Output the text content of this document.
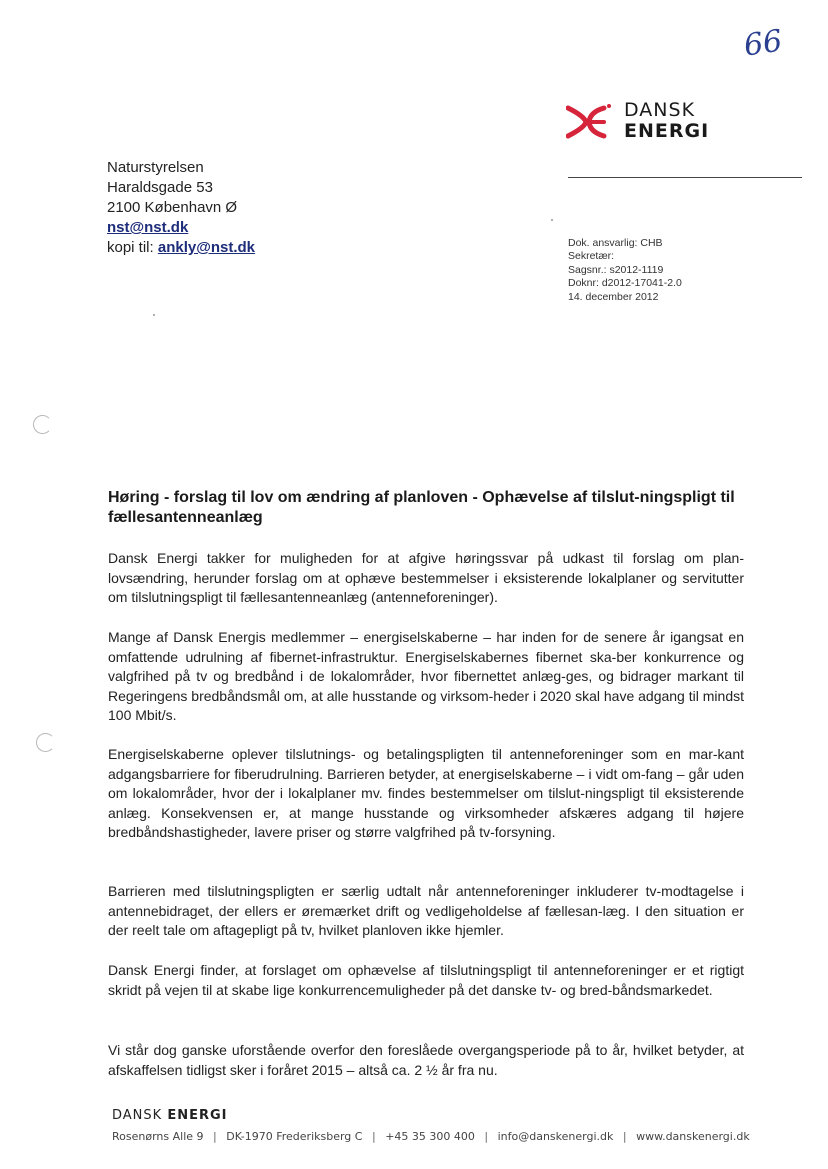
66
DANSK
ENERGI
Naturstyrelsen
Haraldsgade 53
2100 København Ø
nst@nst.dk
kopi til: ankly@nst.dk	Dok. ansvarlig: CHB
Sekretær:
Sagsnr.: s2012-1119
Doknr: d2012-17041-2.0
14. december 2012
Høring - forslag til lov om ændring af planloven - Ophævelse af tilslut-ningspligt til fællesantenneanlæg
Dansk Energi takker for muligheden for at afgive høringssvar på udkast til forslag om plan-lovsændring, herunder forslag om at ophæve bestemmelser i eksisterende lokalplaner og servitutter om tilslutningspligt til fællesantenneanlæg (antenneforeninger).
Mange af Dansk Energis medlemmer – energiselskaberne – har inden for de senere år igangsat en omfattende udrulning af fibernet-infrastruktur. Energiselskabernes fibernet ska-ber konkurrence og valgfrihed på tv og bredbånd i de lokalområder, hvor fibernettet anlæg-ges, og bidrager markant til Regeringens bredbåndsmål om, at alle husstande og virksom-heder i 2020 skal have adgang til mindst 100 Mbit/s.
Energiselskaberne oplever tilslutnings- og betalingspligten til antenneforeninger som en mar-kant adgangsbarriere for fiberudrulning. Barrieren betyder, at energiselskaberne – i vidt om-fang – går uden om lokalområder, hvor der i lokalplaner mv. findes bestemmelser om tilslut-ningspligt til eksisterende anlæg. Konsekvensen er, at mange husstande og virksomheder afskæres adgang til højere bredbåndshastigheder, lavere priser og større valgfrihed på tv-forsyning.
Barrieren med tilslutningspligten er særlig udtalt når antenneforeninger inkluderer tv-modtagelse i antennebidraget, der ellers er øremærket drift og vedligeholdelse af fællesan-læg. I den situation er der reelt tale om aftagepligt på tv, hvilket planloven ikke hjemler.
Dansk Energi finder, at forslaget om ophævelse af tilslutningspligt til antenneforeninger er et rigtigt skridt på vejen til at skabe lige konkurrencemuligheder på det danske tv- og bred-båndsmarkedet.
Vi står dog ganske uforstående overfor den foreslåede overgangsperiode på to år, hvilket betyder, at afskaffelsen tidligst sker i foråret 2015 – altså ca. 2 ½ år fra nu.
DANSK ENERGI
Rosenørns Alle 9 | DK-1970 Frederiksberg C | +45 35 300 400 | info@danskenergi.dk | www.danskenergi.dk
